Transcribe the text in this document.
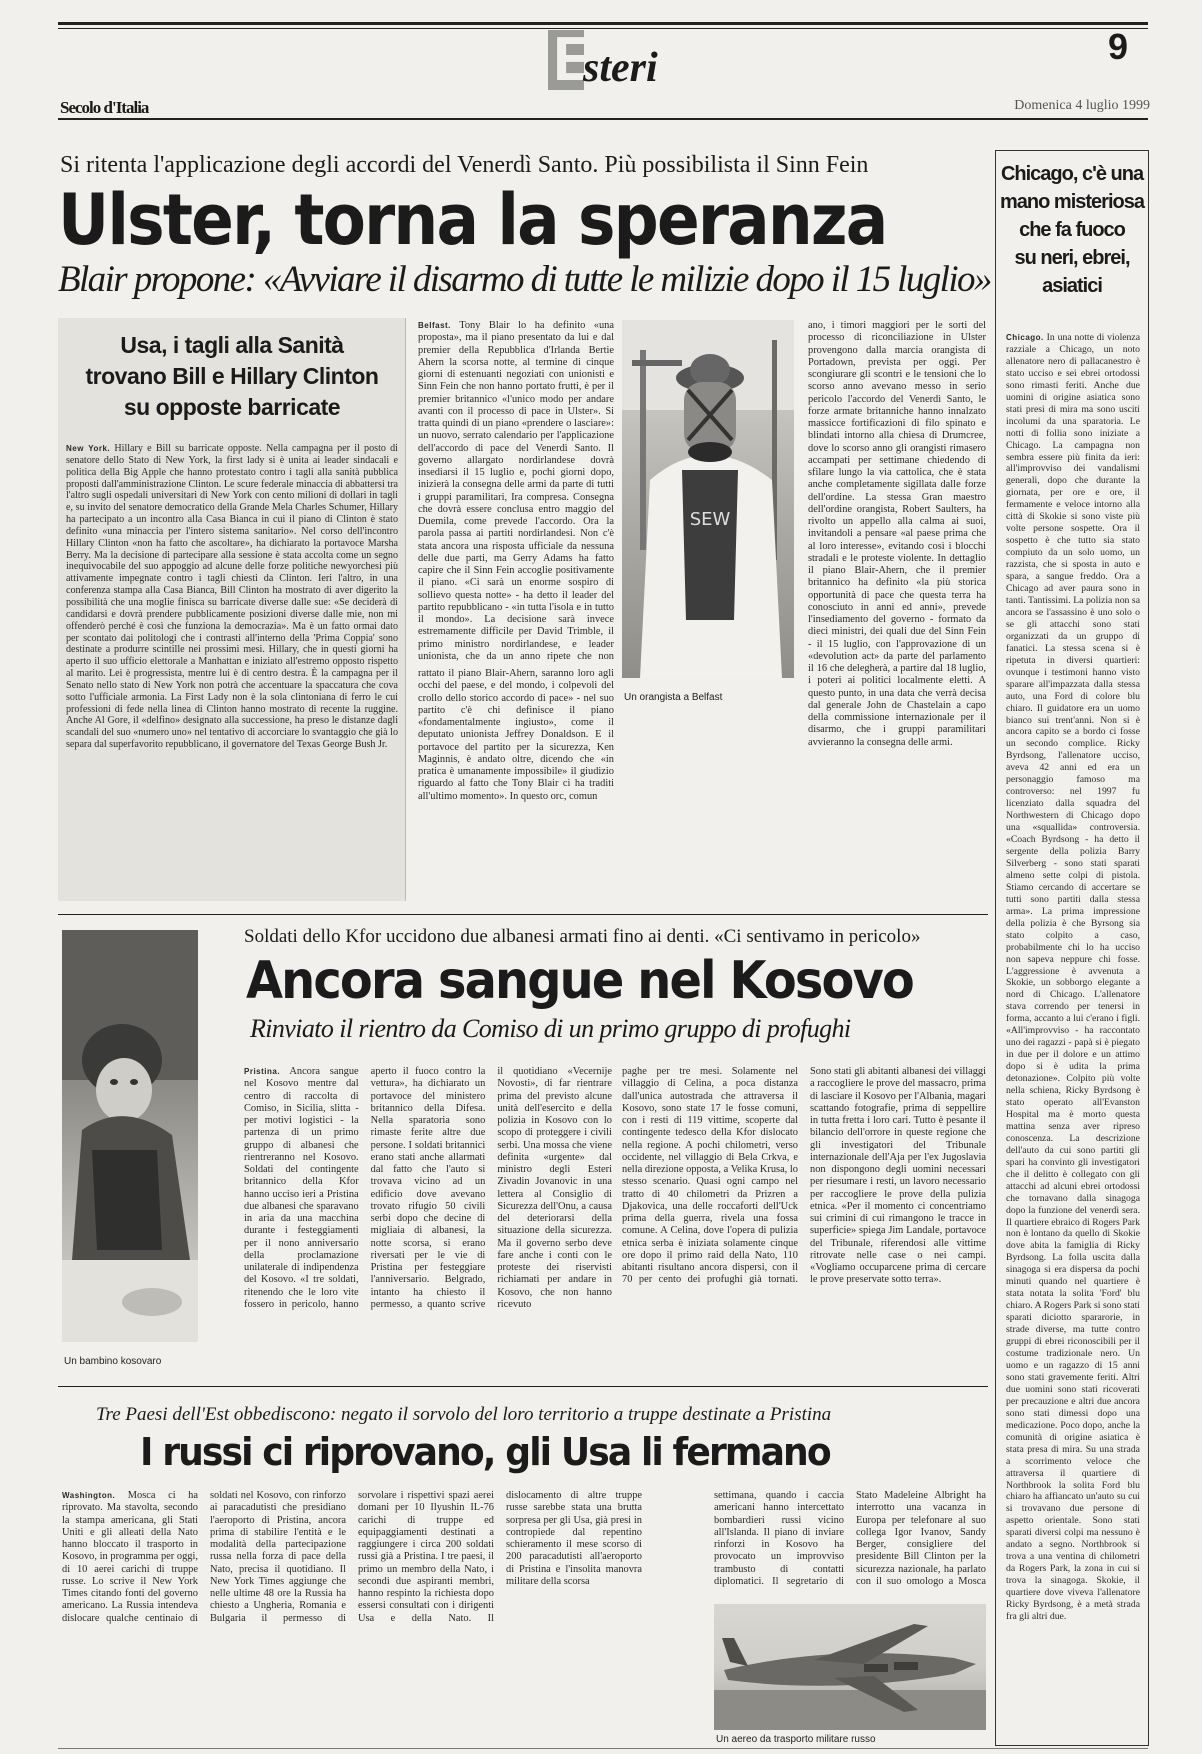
E
steri	9
Secolo d'Italia	Domenica 4 luglio 1999
Si ritenta l'applicazione degli accordi del Venerdì Santo. Più possibilista il Sinn Fein
Ulster, torna la speranza
Blair propone: «Avviare il disarmo di tutte le milizie dopo il 15 luglio»
Usa, i tagli alla Sanità
trovano Bill e Hillary Clinton
su opposte barricate
New York. Hillary e Bill su barricate opposte. Nella campagna per il posto di senatore dello Stato di New York, la first lady si è unita ai leader sindacali e politica della Big Apple che hanno protestato contro i tagli alla sanità pubblica proposti dall'amministrazione Clinton. Le scure federale minaccia di abbattersi tra l'altro sugli ospedali universitari di New York con cento milioni di dollari in tagli e, su invito del senatore democratico della Grande Mela Charles Schumer, Hillary ha partecipato a un incontro alla Casa Bianca in cui il piano di Clinton è stato definito «una minaccia per l'intero sistema sanitario». Nel corso dell'incontro Hillary Clinton «non ha fatto che ascoltare», ha dichiarato la portavoce Marsha Berry. Ma la decisione di partecipare alla sessione è stata accolta come un segno inequivocabile del suo appoggio ad alcune delle forze politiche newyorchesi più attivamente impegnate contro i tagli chiesti da Clinton. Ieri l'altro, in una conferenza stampa alla Casa Bianca, Bill Clinton ha mostrato di aver digerito la possibilità che una moglie finisca su barricate diverse dalle sue: «Se deciderà di candidarsi e dovrà prendere pubblicamente posizioni diverse dalle mie, non mi offenderò perché è così che funziona la democrazia». Ma è un fatto ormai dato per scontato dai politologi che i contrasti all'interno della 'Prima Coppia' sono destinate a produrre scintille nei prossimi mesi. Hillary, che in questi giorni ha aperto il suo ufficio elettorale a Manhattan e iniziato all'estremo opposto rispetto al marito. Lei è progressista, mentre lui è di centro destra. È la campagna per il Senato nello stato di New York non potrà che accentuare la spaccatura che cova sotto l'ufficiale armonia. La First Lady non è la sola clintoniana di ferro le cui professioni di fede nella linea di Clinton hanno mostrato di recente la ruggine. Anche Al Gore, il «delfino» designato alla successione, ha preso le distanze dagli scandali del suo «numero uno» nel tentativo di accorciare lo svantaggio che già lo separa dal superfavorito repubblicano, il governatore del Texas George Bush Jr.
Belfast. Tony Blair lo ha definito «una proposta», ma il piano presentato da lui e dal premier della Repubblica d'Irlanda Bertie Ahern la scorsa notte, al termine di cinque giorni di estenuanti negoziati con unionisti e Sinn Fein che non hanno portato frutti, è per il premier britannico «l'unico modo per andare avanti con il processo di pace in Ulster». Si tratta quindi di un piano «prendere o lasciare»: un nuovo, serrato calendario per l'applicazione dell'accordo di pace del Venerdì Santo. Il governo allargato nordirlandese dovrà insediarsi il 15 luglio e, pochi giorni dopo, inizierà la consegna delle armi da parte di tutti i gruppi paramilitari, Ira compresa. Consegna che dovrà essere conclusa entro maggio del Duemila, come prevede l'accordo. Ora la parola passa ai partiti nordirlandesi. Non c'è stata ancora una risposta ufficiale da nessuna delle due parti, ma Gerry Adams ha fatto capire che il Sinn Fein accoglie positivamente il piano. «Ci sarà un enorme sospiro di sollievo questa notte» - ha detto il leader del partito repubblicano - «in tutta l'isola e in tutto il mondo». La decisione sarà invece estremamente difficile per David Trimble, il primo ministro nordirlandese, e leader unionista, che da un anno ripete che non
rattato il piano Blair-Ahern, saranno loro agli occhi del paese, e del mondo, i colpevoli del crollo dello storico accordo di pace» - nel suo partito c'è chi definisce il piano «fondamentalmente ingiusto», come il deputato unionista Jeffrey Donaldson. E il portavoce del partito per la sicurezza, Ken Maginnis, è andato oltre, dicendo che «in pratica è umanamente impossibile» il giudizio riguardo al fatto che Tony Blair ci ha traditi all'ultimo momento». In questo orc, comun
SEW
Un orangista a Belfast
ano, i timori maggiori per le sorti del processo di riconciliazione in Ulster provengono dalla marcia orangista di Portadown, prevista per oggi. Per scongiurare gli scontri e le tensioni che lo scorso anno avevano messo in serio pericolo l'accordo del Venerdì Santo, le forze armate britanniche hanno innalzato massicce fortificazioni di filo spinato e blindati intorno alla chiesa di Drumcree, dove lo scorso anno gli orangisti rimasero accampati per settimane chiedendo di sfilare lungo la via cattolica, che è stata anche completamente sigillata dalle forze dell'ordine. La stessa Gran maestro dell'ordine orangista, Robert Saulters, ha rivolto un appello alla calma ai suoi, invitandoli a pensare «al paese prima che al loro interesse», evitando così i blocchi stradali e le proteste violente. In dettaglio il piano Blair-Ahern, che il premier britannico ha definito «la più storica opportunità di pace che questa terra ha conosciuto in anni ed anni», prevede l'insediamento del governo - formato da dieci ministri, dei quali due del Sinn Fein - il 15 luglio, con l'approvazione di un «devolution act» da parte del parlamento il 16 che delegherà, a partire dal 18 luglio, i poteri ai politici localmente eletti. A questo punto, in una data che verrà decisa dal generale John de Chastelain a capo della commissione internazionale per il disarmo, che i gruppi paramilitari avvieranno la consegna delle armi.
Chicago, c'è una
mano misteriosa
che fa fuoco
su neri, ebrei,
asiatici
Chicago. In una notte di violenza razziale a Chicago, un noto allenatore nero di pallacanestro è stato ucciso e sei ebrei ortodossi sono rimasti feriti. Anche due uomini di origine asiatica sono stati presi di mira ma sono usciti incolumi da una sparatoria. Le notti di follia sono iniziate a Chicago. La campagna non sembra essere più finita da ieri: all'improvviso dei vandalismi generali, dopo che durante la giornata, per ore e ore, il fermamente e veloce intorno alla città di Skokie si sono viste più volte persone sospette. Ora il sospetto è che tutto sia stato compiuto da un solo uomo, un razzista, che si sposta in auto e spara, a sangue freddo. Ora a Chicago ad aver paura sono in tanti. Tantissimi. La polizia non sa ancora se l'assassino è uno solo o se gli attacchi sono stati organizzati da un gruppo di fanatici. La stessa scena si è ripetuta in diversi quartieri: ovunque i testimoni hanno visto sparare all'impazzata dalla stessa auto, una Ford di colore blu chiaro. Il guidatore era un uomo bianco sui trent'anni. Non si è ancora capito se a bordo ci fosse un secondo complice. Ricky Byrdsong, l'allenatore ucciso, aveva 42 anni ed era un personaggio famoso ma controverso: nel 1997 fu licenziato dalla squadra del Northwestern di Chicago dopo una «squallida» controversia. «Coach Byrdsong - ha detto il sergente della polizia Barry Silverberg - sono stati sparati almeno sette colpi di pistola. Stiamo cercando di accertare se tutti sono partiti dalla stessa arma». La prima impressione della polizia è che Byrsong sia stato colpito a caso, probabilmente chi lo ha ucciso non sapeva neppure chi fosse. L'aggressione è avvenuta a Skokie, un sobborgo elegante a nord di Chicago. L'allenatore stava correndo per tenersi in forma, accanto a lui c'erano i figli. «All'improvviso - ha raccontato uno dei ragazzi - papà si è piegato in due per il dolore e un attimo dopo si è udita la prima detonazione». Colpito più volte nella schiena, Ricky Byrdsong è stato operato all'Evanston Hospital ma è morto questa mattina senza aver ripreso conoscenza. La descrizione dell'auto da cui sono partiti gli spari ha convinto gli investigatori che il delitto è collegato con gli attacchi ad alcuni ebrei ortodossi che tornavano dalla sinagoga dopo la funzione del venerdì sera. Il quartiere ebraico di Rogers Park non è lontano da quello di Skokie dove abita la famiglia di Ricky Byrdsong. La folla uscita dalla sinagoga si era dispersa da pochi minuti quando nel quartiere è stata notata la solita 'Ford' blu chiaro. A Rogers Park si sono stati sparati diciotto spararorie, in strade diverse, ma tutte contro gruppi di ebrei riconoscibili per il costume tradizionale nero. Un uomo e un ragazzo di 15 anni sono stati gravemente feriti. Altri due uomini sono stati ricoverati per precauzione e altri due ancora sono stati dimessi dopo una medicazione. Poco dopo, anche la comunità di origine asiatica è stata presa di mira. Su una strada a scorrimento veloce che attraversa il quartiere di Northbrook la solita Ford blu chiaro ha affiancato un'auto su cui si trovavano due persone di aspetto orientale. Sono stati sparati diversi colpi ma nessuno è andato a segno. Northbrook si trova a una ventina di chilometri da Rogers Park, la zona in cui si trova la sinagoga. Skokie, il quartiere dove viveva l'allenatore Ricky Byrdsong, è a metà strada fra gli altri due.
Un bambino kosovaro
Soldati dello Kfor uccidono due albanesi armati fino ai denti. «Ci sentivamo in pericolo»
Ancora sangue nel Kosovo
Rinviato il rientro da Comiso di un primo gruppo di profughi
Pristina. Ancora sangue nel Kosovo mentre dal centro di raccolta di Comiso, in Sicilia, slitta - per motivi logistici - la partenza di un primo gruppo di albanesi che rientreranno nel Kosovo. Soldati del contingente britannico della Kfor hanno ucciso ieri a Pristina due albanesi che sparavano in aria da una macchina durante i festeggiamenti per il nono anniversario della proclamazione unilaterale di indipendenza del Kosovo. «I tre soldati, ritenendo che le loro vite fossero in pericolo, hanno aperto il fuoco contro la vettura», ha dichiarato un portavoce del ministero britannico della Difesa. Nella sparatoria sono rimaste ferite altre due persone. I soldati britannici erano stati anche allarmati dal fatto che l'auto si trovava vicino ad un edificio dove avevano trovato rifugio 50 civili serbi dopo che decine di migliaia di albanesi, la notte scorsa, si erano riversati per le vie di Pristina per festeggiare l'anniversario. Belgrado, intanto ha chiesto il permesso, a quanto scrive il quotidiano «Vecernije Novosti», di far rientrare prima del previsto alcune unità dell'esercito e della polizia in Kosovo con lo scopo di proteggere i civili serbi. Una mossa che viene definita «urgente» dal ministro degli Esteri Zivadin Jovanovic in una lettera al Consiglio di Sicurezza dell'Onu, a causa del deteriorarsi della situazione della sicurezza. Ma il governo serbo deve fare anche i conti con le proteste dei riservisti richiamati per andare in Kosovo, che non hanno ricevuto
paghe per tre mesi. Solamente nel villaggio di Celina, a poca distanza dall'unica autostrada che attraversa il Kosovo, sono state 17 le fosse comuni, con i resti di 119 vittime, scoperte dal contingente tedesco della Kfor dislocato nella regione. A pochi chilometri, verso occidente, nel villaggio di Bela Crkva, e nella direzione opposta, a Velika Krusa, lo stesso scenario. Quasi ogni campo nel tratto di 40 chilometri da Prizren a Djakovica, una delle roccaforti dell'Uck prima della guerra, rivela una fossa comune. A Celina, dove l'opera di pulizia etnica serba è iniziata solamente cinque ore dopo il primo raid della Nato, 110 abitanti risultano ancora dispersi, con il 70 per cento dei profughi già tornati. Sono stati gli abitanti albanesi dei villaggi a raccogliere le prove del massacro, prima di lasciare il Kosovo per l'Albania, magari scattando fotografie, prima di seppellire in tutta fretta i loro cari. Tutto è pesante il bilancio dell'orrore in queste regione che gli investigatori del Tribunale internazionale dell'Aja per l'ex Jugoslavia non dispongono degli uomini necessari per riesumare i resti, un lavoro necessario per raccogliere le prove della pulizia etnica. «Per il momento ci concentriamo sui crimini di cui rimangono le tracce in superficie» spiega Jim Landale, portavoce del Tribunale, riferendosi alle vittime ritrovate nelle case o nei campi. «Vogliamo occuparcene prima di cercare le prove preservate sotto terra».
Tre Paesi dell'Est obbediscono: negato il sorvolo del loro territorio a truppe destinate a Pristina
I russi ci riprovano, gli Usa li fermano
Washington. Mosca ci ha riprovato. Ma stavolta, secondo la stampa americana, gli Stati Uniti e gli alleati della Nato hanno bloccato il trasporto in Kosovo, in programma per oggi, di 10 aerei carichi di truppe russe. Lo scrive il New York Times citando fonti del governo americano. La Russia intendeva dislocare qualche centinaio di soldati nel Kosovo, con rinforzo ai paracadutisti che presidiano l'aeroporto di Pristina, ancora prima di stabilire l'entità e le modalità della partecipazione russa nella forza di pace della Nato, precisa il quotidiano. Il New York Times aggiunge che nelle ultime 48 ore la Russia ha chiesto a Ungheria, Romania e Bulgaria il permesso di sorvolare i rispettivi spazi aerei domani per 10 Ilyushin IL-76 carichi di truppe ed equipaggiamenti destinati a raggiungere i circa 200 soldati russi già a Pristina. I tre paesi, il primo un membro della Nato, i secondi due aspiranti membri, hanno respinto la richiesta dopo essersi consultati con i dirigenti Usa e della Nato. Il dislocamento di altre truppe russe sarebbe stata una brutta sorpresa per gli Usa, già presi in contropiede dal repentino schieramento il mese scorso di 200 paracadutisti all'aeroporto di Pristina e l'insolita manovra militare della scorsa
settimana, quando i caccia americani hanno intercettato bombardieri russi vicino all'Islanda. Il piano di inviare rinforzi in Kosovo ha provocato un improvviso trambusto di contatti diplomatici. Il segretario di Stato Madeleine Albright ha interrotto una vacanza in Europa per telefonare al suo collega Igor Ivanov, Sandy Berger, consigliere del presidente Bill Clinton per la sicurezza nazionale, ha parlato con il suo omologo a Mosca
Un aereo da trasporto militare russo
